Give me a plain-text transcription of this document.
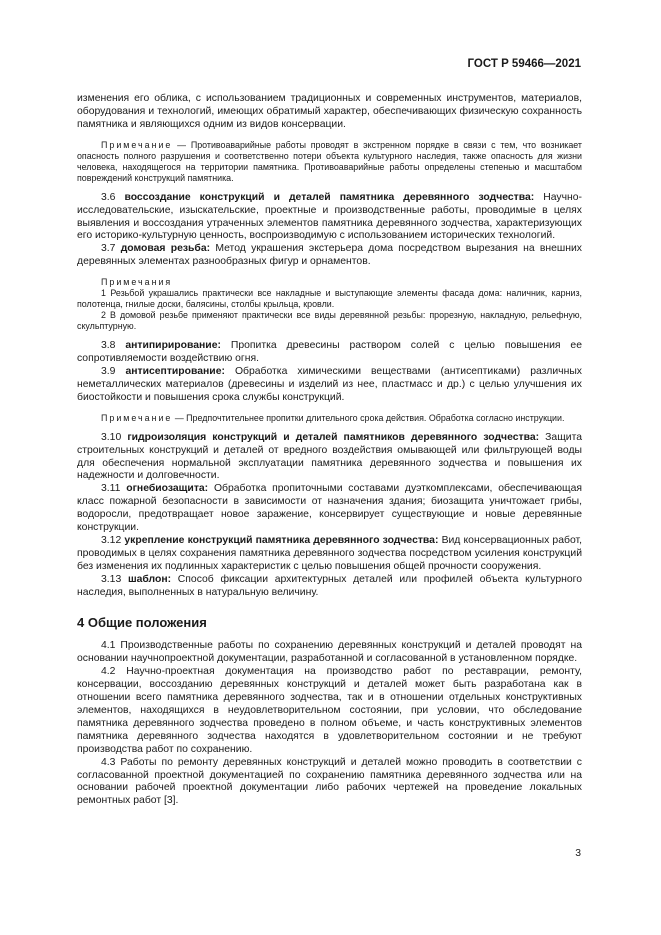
ГОСТ Р 59466—2021

изменения его облика, с использованием традиционных и современных инструментов, материалов, оборудования и технологий, имеющих обратимый характер, обеспечивающих физическую сохранность памятника и являющихся одним из видов консервации.

Примечание — Противоаварийные работы проводят в экстренном порядке в связи с тем, что возникает опасность полного разрушения и соответственно потери объекта культурного наследия, также опасность для жизни человека, находящегося на территории памятника. Противоаварийные работы определены степенью и масштабом повреждений конструкций памятника.

3.6 воссоздание конструкций и деталей памятника деревянного зодчества: Научно-исследовательские, изыскательские, проектные и производственные работы, проводимые в целях выявления и воссоздания утраченных элементов памятника деревянного зодчества, характеризующих его историко-культурную ценность, воспроизводимую с использованием исторических технологий.

3.7 домовая резьба: Метод украшения экстерьера дома посредством вырезания на внешних деревянных элементах разнообразных фигур и орнаментов.

Примечания

1 Резьбой украшались практически все накладные и выступающие элементы фасада дома: наличник, карниз, полотенца, гнилые доски, балясины, столбы крыльца, кровли.

2 В домовой резьбе применяют практически все виды деревянной резьбы: прорезную, накладную, рельефную, скульптурную.

3.8 антипирирование: Пропитка древесины раствором солей с целью повышения ее сопротивляемости воздействию огня.

3.9 антисептирование: Обработка химическими веществами (антисептиками) различных неметаллических материалов (древесины и изделий из нее, пластмасс и др.) с целью улучшения их биостойкости и повышения срока службы конструкций.

Примечание — Предпочтительнее пропитки длительного срока действия. Обработка согласно инструкции.

3.10 гидроизоляция конструкций и деталей памятников деревянного зодчества: Защита строительных конструкций и деталей от вредного воздействия омывающей или фильтрующей воды для обеспечения нормальной эксплуатации памятника деревянного зодчества и повышения их надежности и долговечности.

3.11 огнебиозащита: Обработка пропиточными составами дуэткомплексами, обеспечивающая класс пожарной безопасности в зависимости от назначения здания; биозащита уничтожает грибы, водоросли, предотвращает новое заражение, консервирует существующие и новые деревянные конструкции.

3.12 укрепление конструкций памятника деревянного зодчества: Вид консервационных работ, проводимых в целях сохранения памятника деревянного зодчества посредством усиления конструкций без изменения их подлинных характеристик с целью повышения общей прочности сооружения.

3.13 шаблон: Способ фиксации архитектурных деталей или профилей объекта культурного наследия, выполненных в натуральную величину.

4 Общие положения

4.1 Производственные работы по сохранению деревянных конструкций и деталей проводят на основании научнопроектной документации, разработанной и согласованной в установленном порядке.

4.2 Научно-проектная документация на производство работ по реставрации, ремонту, консервации, воссозданию деревянных конструкций и деталей может быть разработана как в отношении всего памятника деревянного зодчества, так и в отношении отдельных конструктивных элементов, находящихся в неудовлетворительном состоянии, при условии, что обследование памятника деревянного зодчества проведено в полном объеме, и часть конструктивных элементов памятника деревянного зодчества находятся в удовлетворительном состоянии и не требуют производства работ по сохранению.

4.3 Работы по ремонту деревянных конструкций и деталей можно проводить в соответствии с согласованной проектной документацией по сохранению памятника деревянного зодчества или на основании рабочей проектной документации либо рабочих чертежей на проведение локальных ремонтных работ [3].

3
